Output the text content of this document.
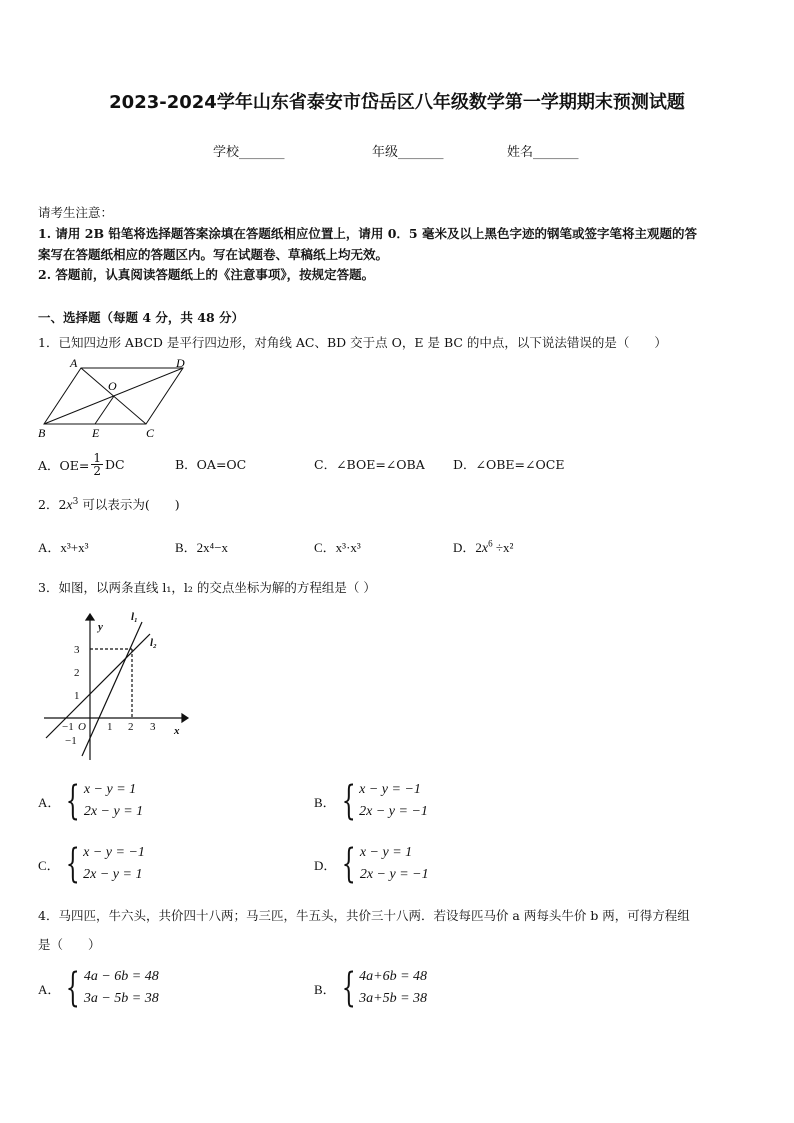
2023-2024学年山东省泰安市岱岳区八年级数学第一学期期末预测试题
学校_______	年级_______	姓名_______
请考生注意：
1. 请用 2B 铅笔将选择题答案涂填在答题纸相应位置上，请用 0．5 毫米及以上黑色字迹的钢笔或签字笔将主观题的答
案写在答题纸相应的答题区内。写在试题卷、草稿纸上均无效。
2. 答题前，认真阅读答题纸上的《注意事项》，按规定答题。
一、选择题（每题 4 分，共 48 分）
1．已知四边形 ABCD 是平行四边形，对角线 AC、BD 交于点 O，E 是 BC 的中点，以下说法错误的是（　　）
A	D
O
B	E	C
A．$OE= \frac{1}{2}$ DC	B．OA=OC	C．∠BOE=∠OBA D．∠OBE=∠OCE
2．$2x^3$ 可以表示为(　　)
A．x³+x³	B．2x⁴−x	C．x³·x³	D．$2x^6 \div x^2$
3．如图，以两条直线 l₁，l₂ 的交点坐标为解的方程组是（ ）
y
x
l₁
l₂
3
2
1
−1
−1 O 1 2 3
A． { x − y = 1
2x − y = 1
B． { x − y = −1
2x − y = −1
C． { x − y = −1
2x − y = 1
D． { x − y = 1
2x − y = −1
4．马四匹，牛六头，共价四十八两；马三匹，牛五头，共价三十八两．若设每匹马价 a 两每头牛价 b 两，可得方程组
是（　　）
A． { 4a − 6b = 48
3a − 5b = 38
B． { 4a+6b = 48
3a+5b = 38
